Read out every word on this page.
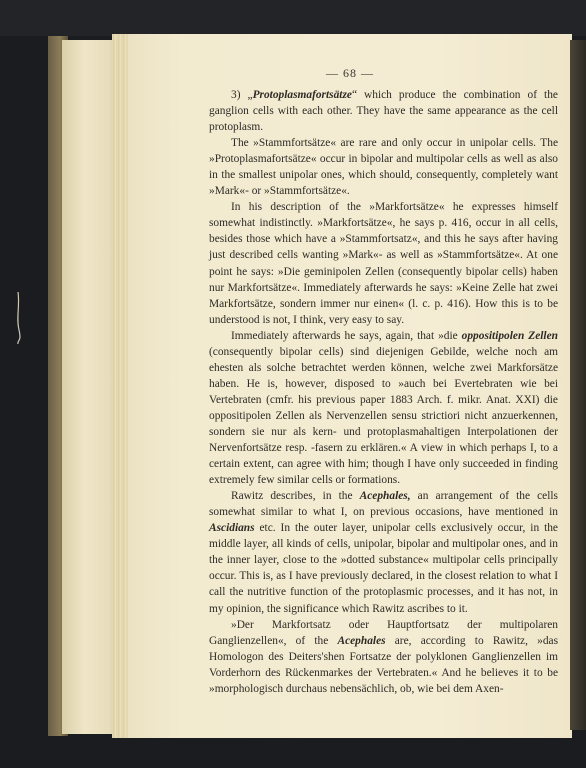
— 68 —

3) „Protoplasmafortsätze“ which produce the combination of the ganglion cells with each other. They have the same appearance as the cell protoplasm.

The »Stammfortsätze« are rare and only occur in unipolar cells. The »Protoplasmafortsätze« occur in bipolar and multipolar cells as well as also in the smallest unipolar ones, which should, consequently, completely want »Mark«- or »Stammfortsätze«.

In his description of the »Markfortsätze« he expresses himself somewhat indistinctly. »Markfortsätze«, he says p. 416, occur in all cells, besides those which have a »Stammfortsatz«, and this he says after having just described cells wanting »Mark«- as well as »Stammfortsätze«. At one point he says: »Die geminipolen Zellen (consequently bipolar cells) haben nur Markfortsätze«. Immediately afterwards he says: »Keine Zelle hat zwei Markfortsätze, sondern immer nur einen« (l. c. p. 416). How this is to be understood is not, I think, very easy to say.

Immediately afterwards he says, again, that »die oppositipolen Zellen (consequently bipolar cells) sind diejenigen Gebilde, welche noch am ehesten als solche betrachtet werden können, welche zwei Markforsätze haben. He is, however, disposed to »auch bei Evertebraten wie bei Vertebraten (cmfr. his previous paper 1883 Arch. f. mikr. Anat. XXI) die oppositipolen Zellen als Nervenzellen sensu strictiori nicht anzuerkennen, sondern sie nur als kern- und protoplasmahaltigen Interpolationen der Nervenfortsätze resp. -fasern zu erklären.« A view in which perhaps I, to a certain extent, can agree with him; though I have only succeeded in finding extremely few similar cells or formations.

Rawitz describes, in the Acephales, an arrangement of the cells somewhat similar to what I, on previous occasions, have mentioned in Ascidians etc. In the outer layer, unipolar cells exclusively occur, in the middle layer, all kinds of cells, unipolar, bipolar and multipolar ones, and in the inner layer, close to the »dotted substance« multipolar cells principally occur. This is, as I have previously declared, in the closest relation to what I call the nutritive function of the protoplasmic processes, and it has not, in my opinion, the significance which Rawitz ascribes to it.

»Der Markfortsatz oder Hauptfortsatz der multipolaren Ganglienzellen«, of the Acephales are, according to Rawitz, »das Homologon des Deiters'shen Fortsatze der polyklonen Ganglienzellen im Vorderhorn des Rückenmarkes der Vertebraten.« And he believes it to be »morphologisch durchaus nebensächlich, ob, wie bei dem Axen-
